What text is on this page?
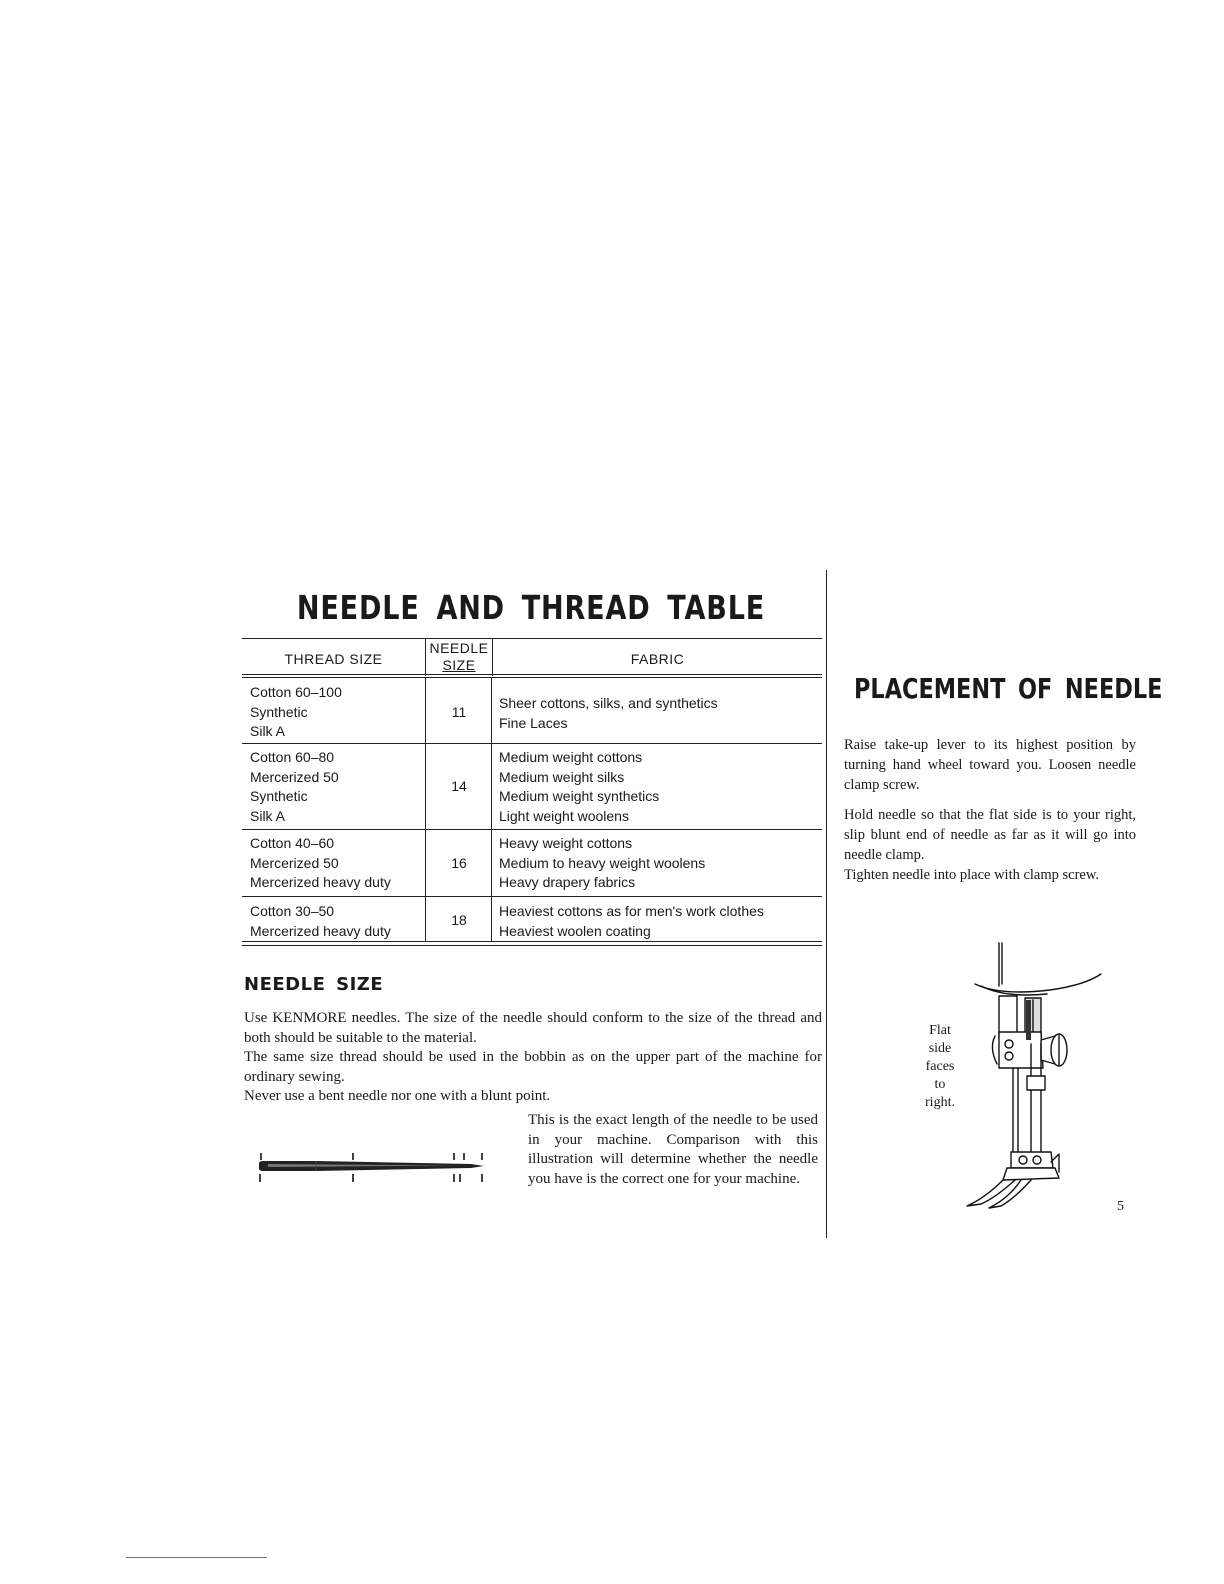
NEEDLE AND THREAD TABLE
THREAD SIZE
NEEDLE
SIZE	FABRIC
Cotton 60–100
Synthetic
Silk A
11
Sheer cottons, silks, and synthetics
Fine Laces
Cotton 60–80
Mercerized 50
Synthetic
Silk A
14
Medium weight cottons
Medium weight silks
Medium weight synthetics
Light weight woolens
Cotton 40–60
Mercerized 50
Mercerized heavy duty
16
Heavy weight cottons
Medium to heavy weight woolens
Heavy drapery fabrics
Cotton 30–50
Mercerized heavy duty
18
Heaviest cottons as for men's work clothes
Heaviest woolen coating
NEEDLE SIZE

Use KENMORE needles. The size of the needle should conform to the size of the thread and both should be suitable to the material.

The same size thread should be used in the bobbin as on the upper part of the machine for ordinary sewing.

Never use a bent needle nor one with a blunt point.

This is the exact length of the needle to be used in your machine. Comparison with this illustration will determine whether the needle you have is the correct one for your machine.
PLACEMENT OF NEEDLE

Raise take-up lever to its highest position by turning hand wheel toward you. Loosen needle clamp screw.

Hold needle so that the flat side is to your right, slip blunt end of needle as far as it will go into needle clamp.

Tighten needle into place with clamp screw.

Flat
side
faces
to
right.
5
